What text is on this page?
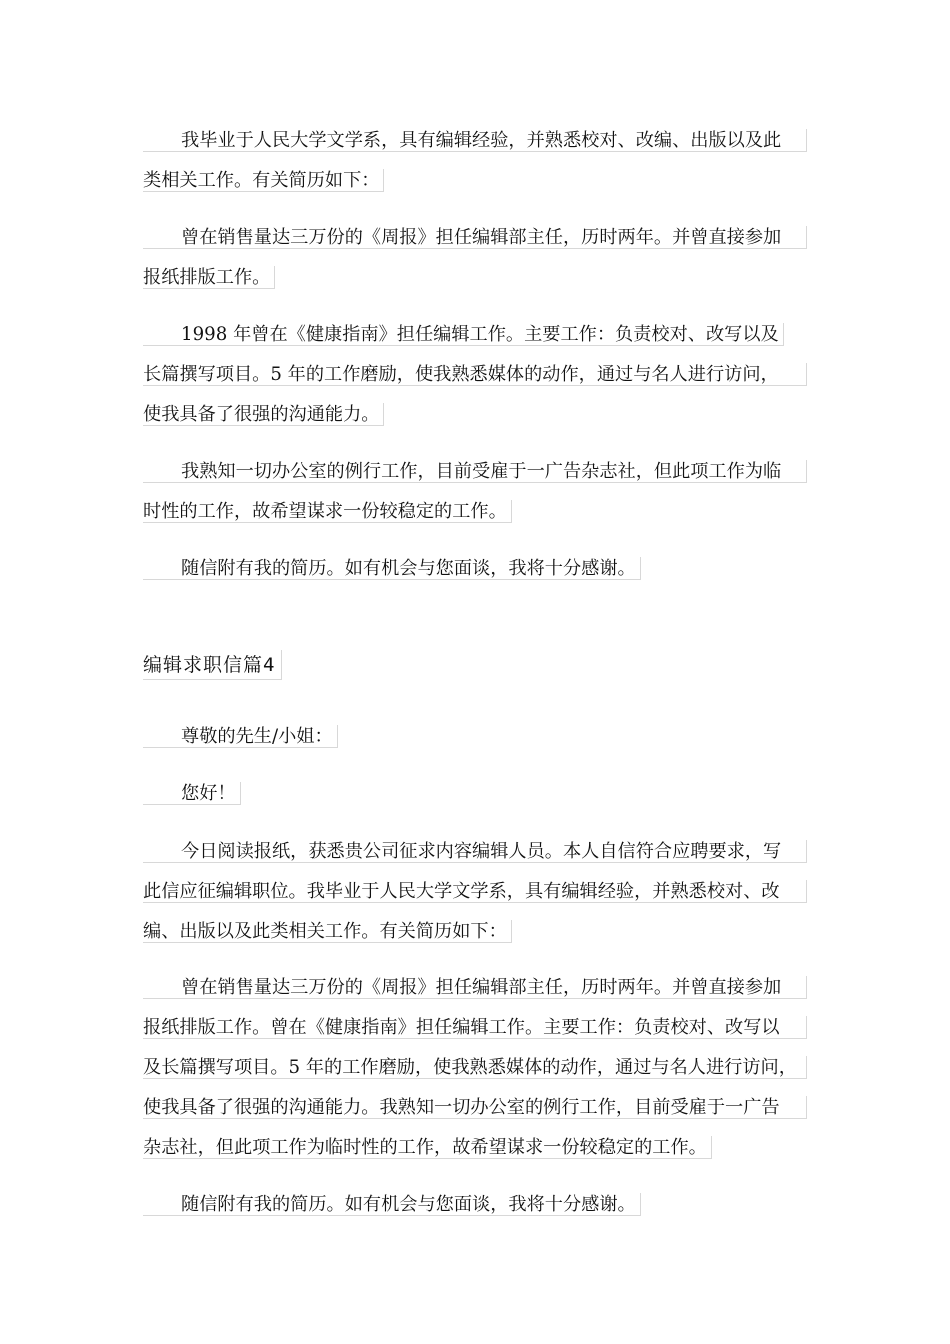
我毕业于人民大学文学系，具有编辑经验，并熟悉校对、改编、出版以及此
类相关工作。有关简历如下：
曾在销售量达三万份的《周报》担任编辑部主任，历时两年。并曾直接参加
报纸排版工作。
1998 年曾在《健康指南》担任编辑工作。主要工作：负责校对、改写以及
长篇撰写项目。5 年的工作磨励，使我熟悉媒体的动作，通过与名人进行访问，
使我具备了很强的沟通能力。
我熟知一切办公室的例行工作，目前受雇于一广告杂志社，但此项工作为临
时性的工作，故希望谋求一份较稳定的工作。
随信附有我的简历。如有机会与您面谈，我将十分感谢。
编辑求职信篇4
尊敬的先生/小姐：
您好！
今日阅读报纸，获悉贵公司征求内容编辑人员。本人自信符合应聘要求，写
此信应征编辑职位。我毕业于人民大学文学系，具有编辑经验，并熟悉校对、改
编、出版以及此类相关工作。有关简历如下：
曾在销售量达三万份的《周报》担任编辑部主任，历时两年。并曾直接参加
报纸排版工作。曾在《健康指南》担任编辑工作。主要工作：负责校对、改写以
及长篇撰写项目。5 年的工作磨励，使我熟悉媒体的动作，通过与名人进行访问，
使我具备了很强的沟通能力。我熟知一切办公室的例行工作，目前受雇于一广告
杂志社，但此项工作为临时性的工作，故希望谋求一份较稳定的工作。
随信附有我的简历。如有机会与您面谈，我将十分感谢。
